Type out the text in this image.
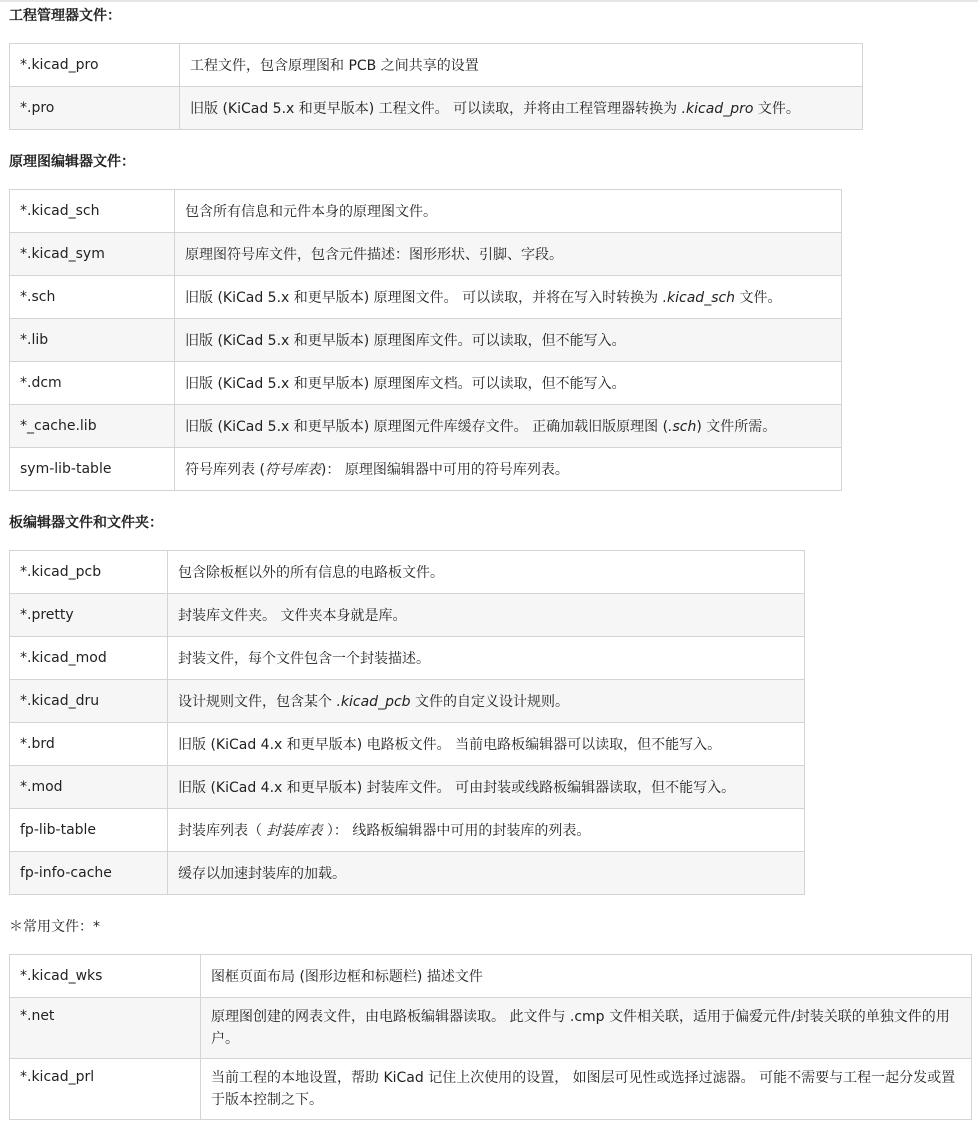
工程管理器文件：
*.kicad_pro	工程文件，包含原理图和 PCB 之间共享的设置
*.pro	旧版 (KiCad 5.x 和更早版本) 工程文件。 可以读取，并将由工程管理器转换为 .kicad_pro 文件。
原理图编辑器文件：
*.kicad_sch	包含所有信息和元件本身的原理图文件。
*.kicad_sym	原理图符号库文件，包含元件描述：图形形状、引脚、字段。
*.sch	旧版 (KiCad 5.x 和更早版本) 原理图文件。 可以读取，并将在写入时转换为 .kicad_sch 文件。
*.lib	旧版 (KiCad 5.x 和更早版本) 原理图库文件。可以读取，但不能写入。
*.dcm	旧版 (KiCad 5.x 和更早版本) 原理图库文档。可以读取，但不能写入。
*_cache.lib	旧版 (KiCad 5.x 和更早版本) 原理图元件库缓存文件。 正确加载旧版原理图 (.sch) 文件所需。
sym-lib-table	符号库列表 (符号库表)： 原理图编辑器中可用的符号库列表。
板编辑器文件和文件夹：
*.kicad_pcb	包含除板框以外的所有信息的电路板文件。
*.pretty	封装库文件夹。 文件夹本身就是库。
*.kicad_mod	封装文件，每个文件包含一个封装描述。
*.kicad_dru	设计规则文件，包含某个 .kicad_pcb 文件的自定义设计规则。
*.brd	旧版 (KiCad 4.x 和更早版本) 电路板文件。 当前电路板编辑器可以读取，但不能写入。
*.mod	旧版 (KiCad 4.x 和更早版本) 封装库文件。 可由封装或线路板编辑器读取，但不能写入。
fp-lib-table	封装库列表（ 封装库表 ）： 线路板编辑器中可用的封装库的列表。
fp-info-cache	缓存以加速封装库的加载。
＊常用文件：*
*.kicad_wks	图框页面布局 (图形边框和标题栏) 描述文件
*.net	原理图创建的网表文件，由电路板编辑器读取。 此文件与 .cmp 文件相关联，适用于偏爱元件/封装关联的单独文件的用户。
*.kicad_prl	当前工程的本地设置，帮助 KiCad 记住上次使用的设置， 如图层可见性或选择过滤器。 可能不需要与工程一起分发或置于版本控制之下。
